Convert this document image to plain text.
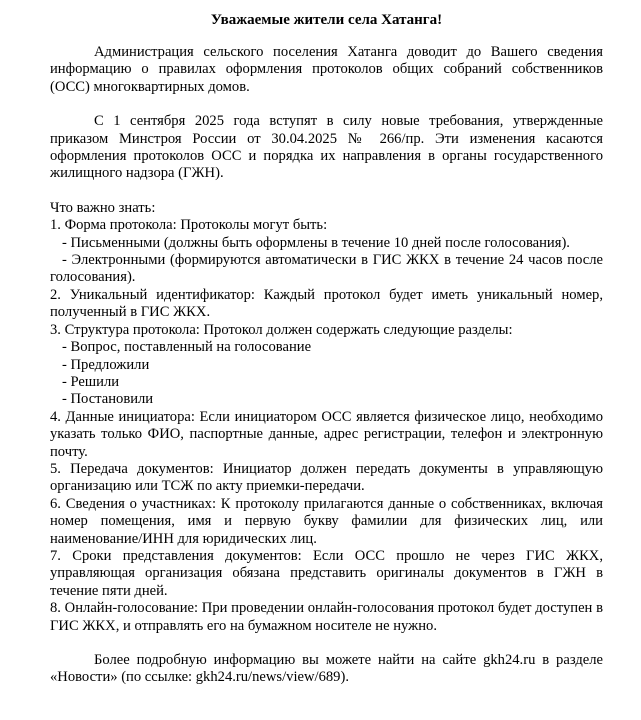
Уважаемые жители села Хатанга!

Администрация сельского поселения Хатанга доводит до Вашего сведения информацию о правилах оформления протоколов общих собраний собственников (ОСС) многоквартирных домов.

С 1 сентября 2025 года вступят в силу новые требования, утвержденные приказом Минстроя России от 30.04.2025 № 266/пр. Эти изменения касаются оформления протоколов ОСС и порядка их направления в органы государственного жилищного надзора (ГЖН).

Что важно знать:

1. Форма протокола: Протоколы могут быть:

- Письменными (должны быть оформлены в течение 10 дней после голосования).

- Электронными (формируются автоматически в ГИС ЖКХ в течение 24 часов после голосования).

2. Уникальный идентификатор: Каждый протокол будет иметь уникальный номер, полученный в ГИС ЖКХ.

3. Структура протокола: Протокол должен содержать следующие разделы:

- Вопрос, поставленный на голосование

- Предложили

- Решили

- Постановили

4. Данные инициатора: Если инициатором ОСС является физическое лицо, необходимо указать только ФИО, паспортные данные, адрес регистрации, телефон и электронную почту.

5. Передача документов: Инициатор должен передать документы в управляющую организацию или ТСЖ по акту приемки-передачи.

6. Сведения о участниках: К протоколу прилагаются данные о собственниках, включая номер помещения, имя и первую букву фамилии для физических лиц, или наименование/ИНН для юридических лиц.

7. Сроки представления документов: Если ОСС прошло не через ГИС ЖКХ, управляющая организация обязана представить оригиналы документов в ГЖН в течение пяти дней.

8. Онлайн-голосование: При проведении онлайн-голосования протокол будет доступен в ГИС ЖКХ, и отправлять его на бумажном носителе не нужно.

Более подробную информацию вы можете найти на сайте gkh24.ru в разделе «Новости» (по ссылке: gkh24.ru/news/view/689).
